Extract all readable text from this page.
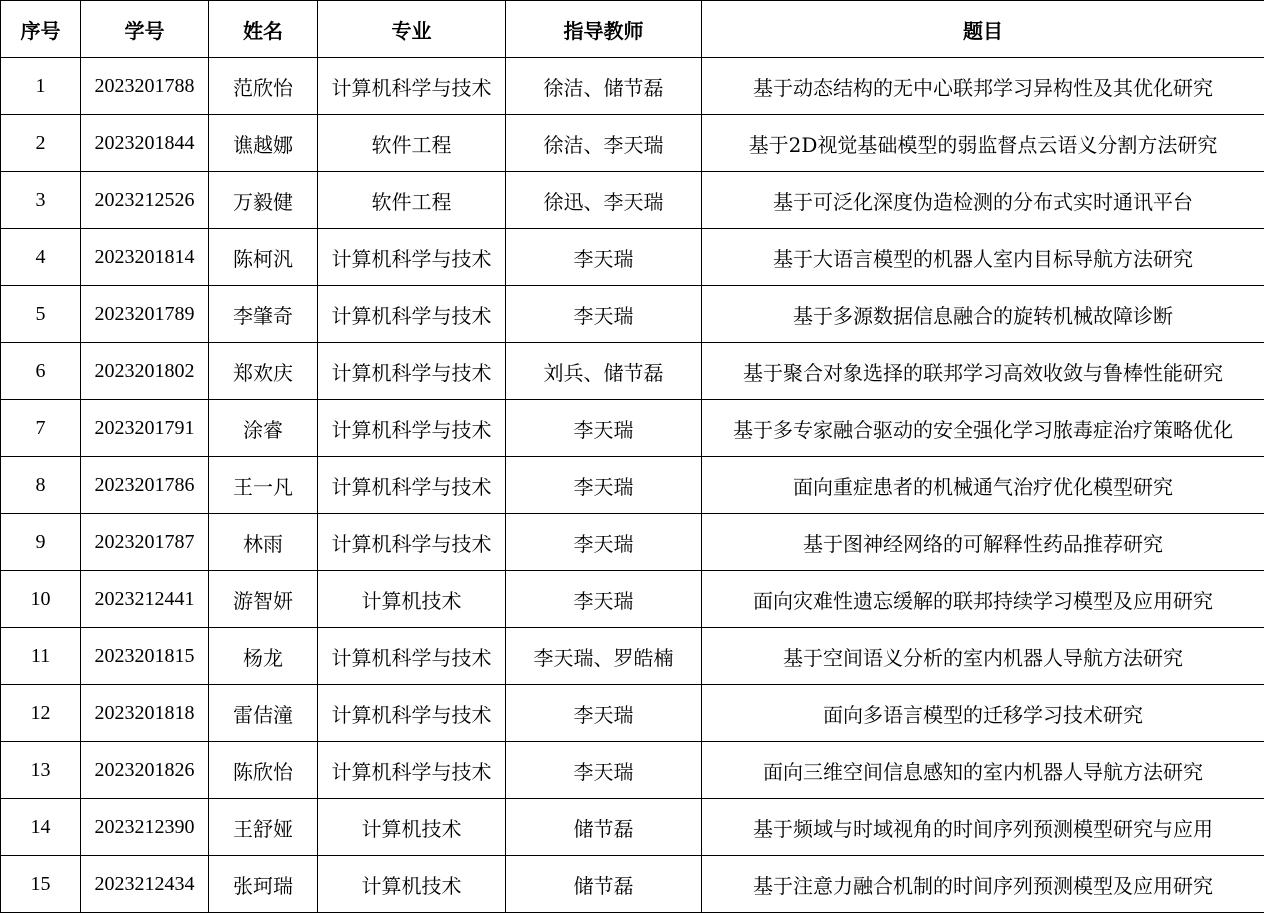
序号	学号	姓名	专业	指导教师	题目
1	2023201788	范欣怡	计算机科学与技术	徐洁、储节磊	基于动态结构的无中心联邦学习异构性及其优化研究
2	2023201844	谯越娜	软件工程	徐洁、李天瑞	基于2D视觉基础模型的弱监督点云语义分割方法研究
3	2023212526	万毅健	软件工程	徐迅、李天瑞	基于可泛化深度伪造检测的分布式实时通讯平台
4	2023201814	陈柯汎	计算机科学与技术	李天瑞	基于大语言模型的机器人室内目标导航方法研究
5	2023201789	李肇奇	计算机科学与技术	李天瑞	基于多源数据信息融合的旋转机械故障诊断
6	2023201802	郑欢庆	计算机科学与技术	刘兵、储节磊	基于聚合对象选择的联邦学习高效收敛与鲁棒性能研究
7	2023201791	涂睿	计算机科学与技术	李天瑞	基于多专家融合驱动的安全强化学习脓毒症治疗策略优化
8	2023201786	王一凡	计算机科学与技术	李天瑞	面向重症患者的机械通气治疗优化模型研究
9	2023201787	林雨	计算机科学与技术	李天瑞	基于图神经网络的可解释性药品推荐研究
10	2023212441	游智妍	计算机技术	李天瑞	面向灾难性遗忘缓解的联邦持续学习模型及应用研究
11	2023201815	杨龙	计算机科学与技术	李天瑞、罗皓楠	基于空间语义分析的室内机器人导航方法研究
12	2023201818	雷佶潼	计算机科学与技术	李天瑞	面向多语言模型的迁移学习技术研究
13	2023201826	陈欣怡	计算机科学与技术	李天瑞	面向三维空间信息感知的室内机器人导航方法研究
14	2023212390	王舒娅	计算机技术	储节磊	基于频域与时域视角的时间序列预测模型研究与应用
15	2023212434	张珂瑞	计算机技术	储节磊	基于注意力融合机制的时间序列预测模型及应用研究
